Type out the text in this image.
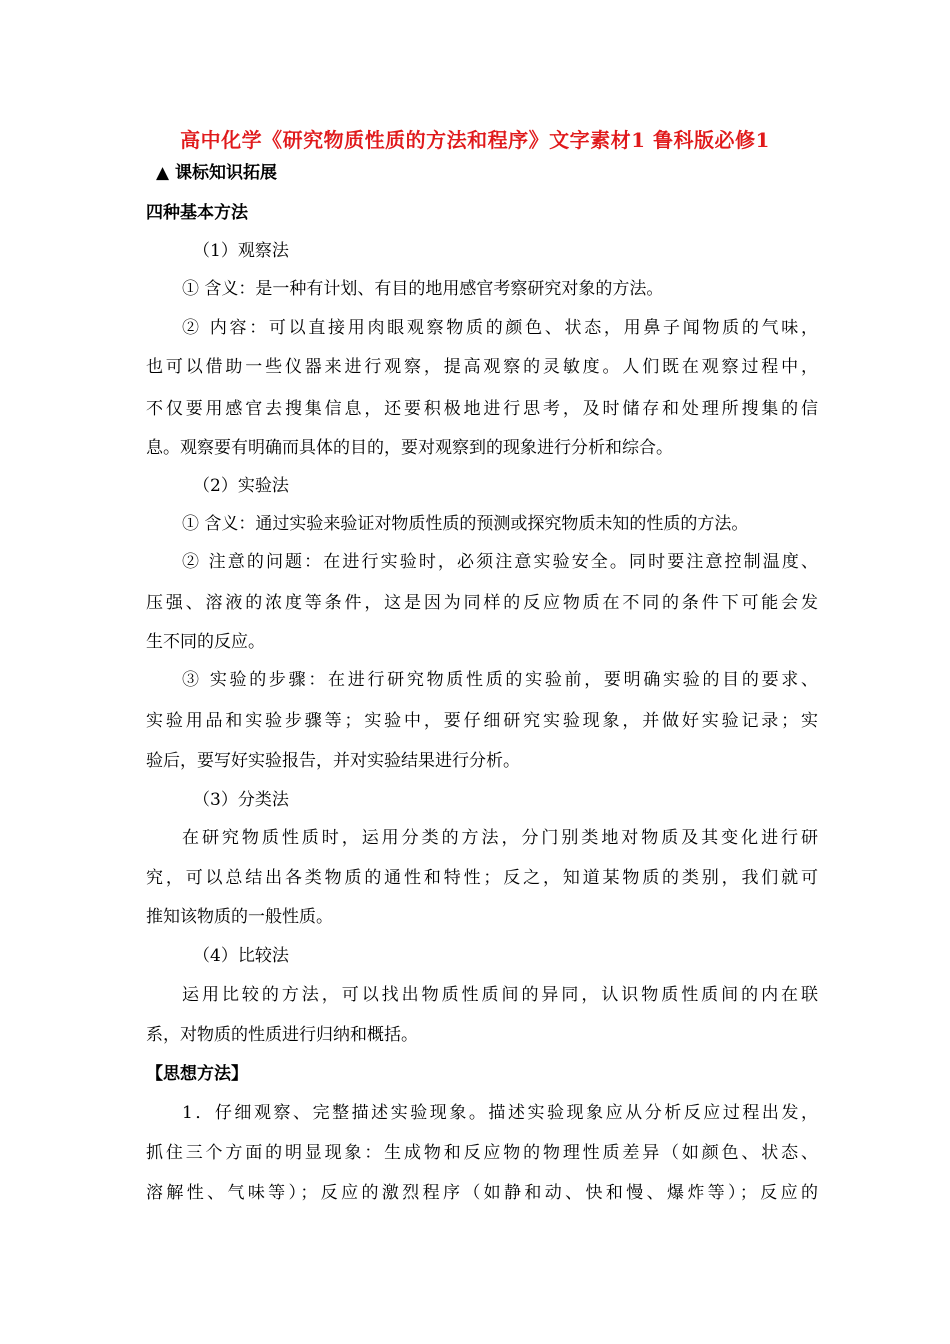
高中化学《研究物质性质的方法和程序》文字素材1 鲁科版必修1
▲ 课标知识拓展
四种基本方法
（1）观察法
① 含义：是一种有计划、有目的地用感官考察研究对象的方法。
② 内容：可以直接用肉眼观察物质的颜色、状态，用鼻子闻物质的气味，
也可以借助一些仪器来进行观察，提高观察的灵敏度。人们既在观察过程中，
不仅要用感官去搜集信息，还要积极地进行思考，及时储存和处理所搜集的信
息。观察要有明确而具体的目的，要对观察到的现象进行分析和综合。
（2）实验法
① 含义：通过实验来验证对物质性质的预测或探究物质未知的性质的方法。
② 注意的问题：在进行实验时，必须注意实验安全。同时要注意控制温度、
压强、溶液的浓度等条件，这是因为同样的反应物质在不同的条件下可能会发
生不同的反应。
③ 实验的步骤：在进行研究物质性质的实验前，要明确实验的目的要求、
实验用品和实验步骤等；实验中，要仔细研究实验现象，并做好实验记录；实
验后，要写好实验报告，并对实验结果进行分析。
（3）分类法
在研究物质性质时，运用分类的方法，分门别类地对物质及其变化进行研
究，可以总结出各类物质的通性和特性；反之，知道某物质的类别，我们就可
推知该物质的一般性质。
（4）比较法
运用比较的方法，可以找出物质性质间的异同，认识物质性质间的内在联
系，对物质的性质进行归纳和概括。
【思想方法】
1．仔细观察、完整描述实验现象。描述实验现象应从分析反应过程出发，
抓住三个方面的明显现象：生成物和反应物的物理性质差异（如颜色、状态、
溶解性、气味等）；反应的激烈程序（如静和动、快和慢、爆炸等）；反应的
